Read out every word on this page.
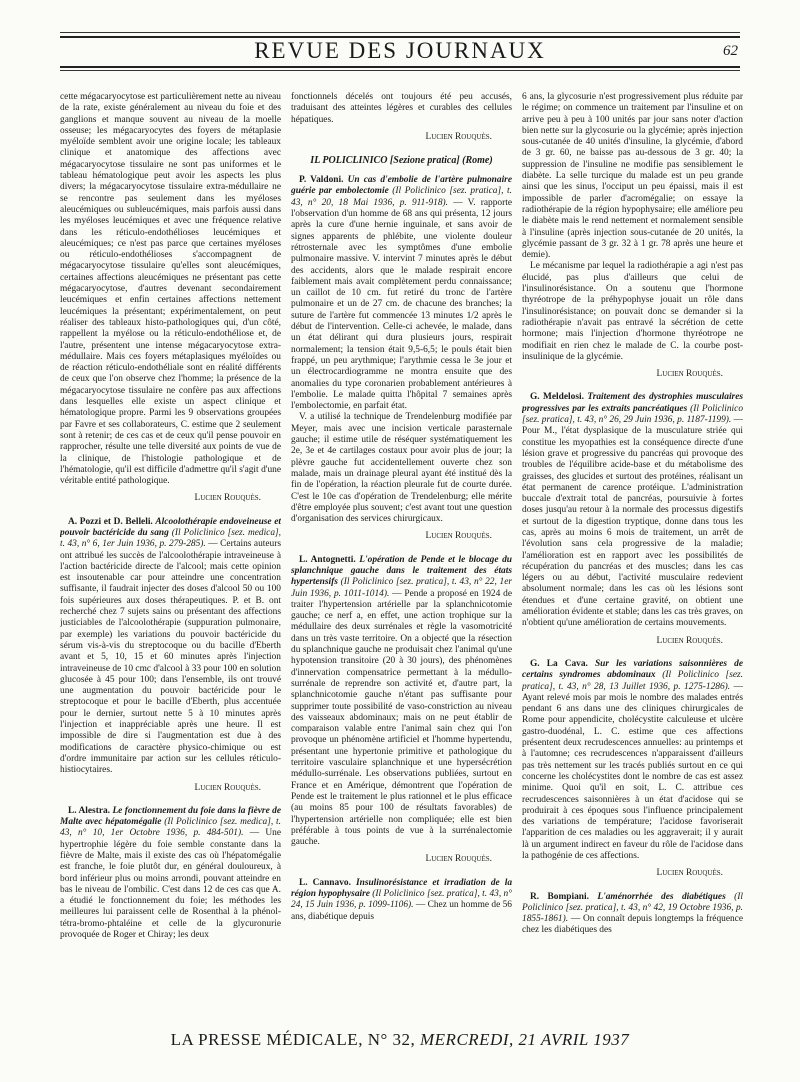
REVUE DES JOURNAUX	62

cette mégacaryocytose est particulièrement nette au niveau de la rate, existe généralement au niveau du foie et des ganglions et manque souvent au niveau de la moelle osseuse; les mégacaryocytes des foyers de métaplasie myéloïde semblent avoir une origine locale; les tableaux clinique et anatomique des affections avec mégacaryocytose tissulaire ne sont pas uniformes et le tableau hématologique peut avoir les aspects les plus divers; la mégacaryocytose tissulaire extra-médullaire ne se rencontre pas seulement dans les myéloses aleucémiques ou subleucémiques, mais parfois aussi dans les myéloses leucémiques et avec une fréquence relative dans les réticulo-endothélioses leucémiques et aleucémiques; ce n'est pas parce que certaines myéloses ou réticulo-endothélioses s'accompagnent de mégacaryocytose tissulaire qu'elles sont aleucémiques, certaines affections aleucémiques ne présentant pas cette mégacaryocytose, d'autres devenant secondairement leucémiques et enfin certaines affections nettement leucémiques la présentant; expérimentalement, on peut réaliser des tableaux histo-pathologiques qui, d'un côté, rappellent la myélose ou la réticulo-endothéliose et, de l'autre, présentent une intense mégacaryocytose extra-médullaire. Mais ces foyers métaplasiques myéloïdes ou de réaction réticulo-endothéliale sont en réalité différents de ceux que l'on observe chez l'homme; la présence de la mégacaryocytose tissulaire ne confère pas aux affections dans lesquelles elle existe un aspect clinique et hématologique propre. Parmi les 9 observations groupées par Favre et ses collaborateurs, C. estime que 2 seulement sont à retenir; de ces cas et de ceux qu'il pense pouvoir en rapprocher, résulte une telle diversité aux points de vue de la clinique, de l'histologie pathologique et de l'hématologie, qu'il est difficile d'admettre qu'il s'agit d'une véritable entité pathologique.

Lucien Rouquès.

A. Pozzi et D. Belleli. Alcoolothérapie endoveineuse et pouvoir bactéricide du sang (Il Policlinico [sez. medica], t. 43, n° 6, 1er Juin 1936, p. 279-285). — Certains auteurs ont attribué les succès de l'alcoolothérapie intraveineuse à l'action bactéricide directe de l'alcool; mais cette opinion est insoutenable car pour atteindre une concentration suffisante, il faudrait injecter des doses d'alcool 50 ou 100 fois supérieures aux doses thérapeutiques. P. et B. ont recherché chez 7 sujets sains ou présentant des affections justiciables de l'alcoolothérapie (suppuration pulmonaire, par exemple) les variations du pouvoir bactéricide du sérum vis-à-vis du streptocoque ou du bacille d'Eberth avant et 5, 10, 15 et 60 minutes après l'injection intraveineuse de 10 cmc d'alcool à 33 pour 100 en solution glucosée à 45 pour 100; dans l'ensemble, ils ont trouvé une augmentation du pouvoir bactéricide pour le streptocoque et pour le bacille d'Eberth, plus accentuée pour le dernier, surtout nette 5 à 10 minutes après l'injection et inappréciable après une heure. Il est impossible de dire si l'augmentation est due à des modifications de caractère physico-chimique ou est d'ordre immunitaire par action sur les cellules réticulo-histiocytaires.

Lucien Rouquès.

L. Alestra. Le fonctionnement du foie dans la fièvre de Malte avec hépatomégalie (Il Policlinico [sez. medica], t. 43, n° 10, 1er Octobre 1936, p. 484-501). — Une hypertrophie légère du foie semble constante dans la fièvre de Malte, mais il existe des cas où l'hépatomégalie est franche, le foie plutôt dur, en général douloureux, à bord inférieur plus ou moins arrondi, pouvant atteindre en bas le niveau de l'ombilic. C'est dans 12 de ces cas que A. a étudié le fonctionnement du foie; les méthodes les meilleures lui paraissent celle de Rosenthal à la phénol-tétra-bromo-phtaléine et celle de la glycuronurie provoquée de Roger et Chiray; les deux

fonctionnels décelés ont toujours été peu accusés, traduisant des atteintes légères et curables des cellules hépatiques.

Lucien Rouquès.
IL POLICLINICO [Sezione pratica] (Rome)

P. Valdoni. Un cas d'embolie de l'artère pulmonaire guérie par embolectomie (Il Policlinico [sez. pratica], t. 43, n° 20, 18 Mai 1936, p. 911-918). — V. rapporte l'observation d'un homme de 68 ans qui présenta, 12 jours après la cure d'une hernie inguinale, et sans avoir de signes apparents de phlébite, une violente douleur rétrosternale avec les symptômes d'une embolie pulmonaire massive. V. intervint 7 minutes après le début des accidents, alors que le malade respirait encore faiblement mais avait complètement perdu connaissance; un caillot de 10 cm. fut retiré du tronc de l'artère pulmonaire et un de 27 cm. de chacune des branches; la suture de l'artère fut commencée 13 minutes 1/2 après le début de l'intervention. Celle-ci achevée, le malade, dans un état délirant qui dura plusieurs jours, respirait normalement; la tension était 9,5-6,5; le pouls était bien frappé, un peu arythmique; l'arythmie cessa le 3e jour et un électrocardiogramme ne montra ensuite que des anomalies du type coronarien probablement antérieures à l'embolie. Le malade quitta l'hôpital 7 semaines après l'embolectomie, en parfait état.

V. a utilisé la technique de Trendelenburg modifiée par Meyer, mais avec une incision verticale parasternale gauche; il estime utile de réséquer systématiquement les 2e, 3e et 4e cartilages costaux pour avoir plus de jour; la plèvre gauche fut accidentellement ouverte chez son malade, mais un drainage pleural ayant été institué dès la fin de l'opération, la réaction pleurale fut de courte durée. C'est le 10e cas d'opération de Trendelenburg; elle mérite d'être employée plus souvent; c'est avant tout une question d'organisation des services chirurgicaux.

Lucien Rouquès.

L. Antognetti. L'opération de Pende et le blocage du splanchnique gauche dans le traitement des états hypertensifs (Il Policlinico [sez. pratica], t. 43, n° 22, 1er Juin 1936, p. 1011-1014). — Pende a proposé en 1924 de traiter l'hypertension artérielle par la splanchnicotomie gauche; ce nerf a, en effet, une action trophique sur la médullaire des deux surrénales et règle la vasomotricité dans un très vaste territoire. On a objecté que la résection du splanchnique gauche ne produisait chez l'animal qu'une hypotension transitoire (20 à 30 jours), des phénomènes d'innervation compensatrice permettant à la médullo-surrénale de reprendre son activité et, d'autre part, la splanchnicotomie gauche n'étant pas suffisante pour supprimer toute possibilité de vaso-constriction au niveau des vaisseaux abdominaux; mais on ne peut établir de comparaison valable entre l'animal sain chez qui l'on provoque un phénomène artificiel et l'homme hypertendu, présentant une hypertonie primitive et pathologique du territoire vasculaire splanchnique et une hypersécrétion médullo-surrénale. Les observations publiées, surtout en France et en Amérique, démontrent que l'opération de Pende est le traitement le plus rationnel et le plus efficace (au moins 85 pour 100 de résultats favorables) de l'hypertension artérielle non compliquée; elle est bien préférable à tous points de vue à la surrénalectomie gauche.

Lucien Rouquès.

L. Cannavo. Insulinorésistance et irradiation de la région hypophysaire (Il Policlinico [sez. pratica], t. 43, n° 24, 15 Juin 1936, p. 1099-1106). — Chez un homme de 56 ans, diabétique depuis

6 ans, la glycosurie n'est progressivement plus réduite par le régime; on commence un traitement par l'insuline et on arrive peu à peu à 100 unités par jour sans noter d'action bien nette sur la glycosurie ou la glycémie; après injection sous-cutanée de 40 unités d'insuline, la glycémie, d'abord de 3 gr. 60, ne baisse pas au-dessous de 3 gr. 40; la suppression de l'insuline ne modifie pas sensiblement le diabète. La selle turcique du malade est un peu grande ainsi que les sinus, l'occiput un peu épaissi, mais il est impossible de parler d'acromégalie; on essaye la radiothérapie de la région hypophysaire; elle améliore peu le diabète mais le rend nettement et normalement sensible à l'insuline (après injection sous-cutanée de 20 unités, la glycémie passant de 3 gr. 32 à 1 gr. 78 après une heure et demie).

Le mécanisme par lequel la radiothérapie a agi n'est pas élucidé, pas plus d'ailleurs que celui de l'insulinorésistance. On a soutenu que l'hormone thyréotrope de la préhypophyse jouait un rôle dans l'insulinorésistance; on pouvait donc se demander si la radiothérapie n'avait pas entravé la sécrétion de cette hormone; mais l'injection d'hormone thyréotrope ne modifiait en rien chez le malade de C. la courbe post-insulinique de la glycémie.

Lucien Rouquès.

G. Meldelosi. Traitement des dystrophies musculaires progressives par les extraits pancréatiques (Il Policlinico [sez. pratica], t. 43, n° 26, 29 Juin 1936, p. 1187-1199). — Pour M., l'état dysplasique de la musculature striée qui constitue les myopathies est la conséquence directe d'une lésion grave et progressive du pancréas qui provoque des troubles de l'équilibre acide-base et du métabolisme des graisses, des glucides et surtout des protéines, réalisant un état permanent de carence protéique. L'administration buccale d'extrait total de pancréas, poursuivie à fortes doses jusqu'au retour à la normale des processus digestifs et surtout de la digestion tryptique, donne dans tous les cas, après au moins 6 mois de traitement, un arrêt de l'évolution sans cela progressive de la maladie; l'amélioration est en rapport avec les possibilités de récupération du pancréas et des muscles; dans les cas légers ou au début, l'activité musculaire redevient absolument normale; dans les cas où les lésions sont étendues et d'une certaine gravité, on obtient une amélioration évidente et stable; dans les cas très graves, on n'obtient qu'une amélioration de certains mouvements.

Lucien Rouquès.

G. La Cava. Sur les variations saisonnières de certains syndromes abdominaux (Il Policlinico [sez. pratica], t. 43, n° 28, 13 Juillet 1936, p. 1275-1286). — Ayant relevé mois par mois le nombre des malades entrés pendant 6 ans dans une des cliniques chirurgicales de Rome pour appendicite, cholécystite calculeuse et ulcère gastro-duodénal, L. C. estime que ces affections présentent deux recrudescences annuelles: au printemps et à l'automne; ces recrudescences n'apparaissent d'ailleurs pas très nettement sur les tracés publiés surtout en ce qui concerne les cholécystites dont le nombre de cas est assez minime. Quoi qu'il en soit, L. C. attribue ces recrudescences saisonnières à un état d'acidose qui se produirait à ces époques sous l'influence principalement des variations de température; l'acidose favoriserait l'apparition de ces maladies ou les aggraverait; il y aurait là un argument indirect en faveur du rôle de l'acidose dans la pathogénie de ces affections.

Lucien Rouquès.

R. Bompiani. L'aménorrhée des diabétiques (Il Policlinico [sez. pratica], t. 43, n° 42, 19 Octobre 1936, p. 1855-1861). — On connaît depuis longtemps la fréquence chez les diabétiques des

LA PRESSE MÉDICALE, N° 32, MERCREDI, 21 AVRIL 1937
